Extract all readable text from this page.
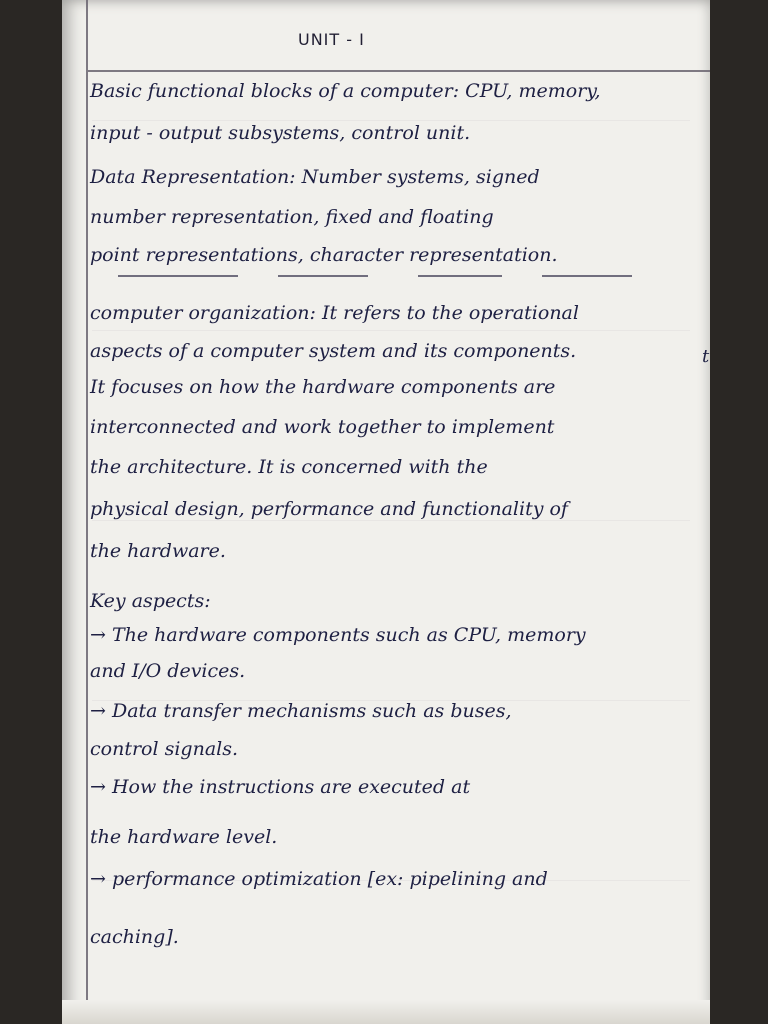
UNIT - I
Basic functional blocks of a computer: CPU, memory,
input - output subsystems, control unit.
Data Representation: Number systems, signed
number representation, fixed and floating
point representations, character representation.
computer organization: It refers to the operational
aspects of a computer system and its components.
It focuses on how the hardware components are
interconnected and work together to implement
the architecture. It is concerned with the
physical design, performance and functionality of
the hardware.
t
Key aspects:
→ The hardware components such as CPU, memory
and I/O devices.
→ Data transfer mechanisms such as buses,
control signals.
→ How the instructions are executed at
the hardware level.
→ performance optimization [ex: pipelining and
caching].
